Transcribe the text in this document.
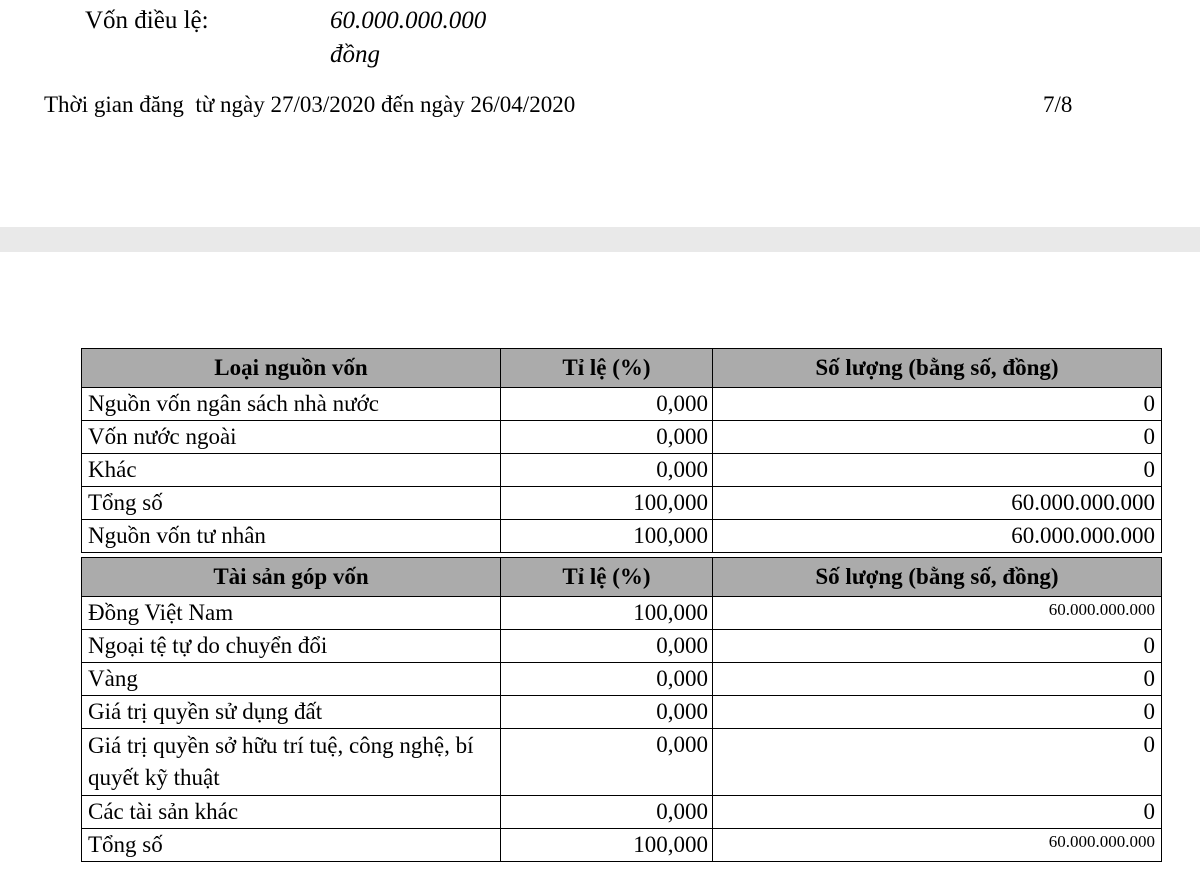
Vốn điều lệ:	60.000.000.000
đồng
Thời gian đăng  từ ngày 27/03/2020 đến ngày 26/04/2020	7/8
Loại nguồn vốn	Tỉ lệ (%)	Số lượng (bằng số, đồng)
Nguồn vốn ngân sách nhà nước	0,000	0
Vốn nước ngoài	0,000	0
Khác	0,000	0
Tổng số	100,000	60.000.000.000
Nguồn vốn tư nhân	100,000	60.000.000.000
Tài sản góp vốn	Tỉ lệ (%)	Số lượng (bằng số, đồng)
Đồng Việt Nam	100,000	60.000.000.000
Ngoại tệ tự do chuyển đổi	0,000	0
Vàng	0,000	0
Giá trị quyền sử dụng đất	0,000	0
Giá trị quyền sở hữu trí tuệ, công nghệ, bí quyết kỹ thuật	0,000	0
Các tài sản khác	0,000	0
Tổng số	100,000	60.000.000.000
